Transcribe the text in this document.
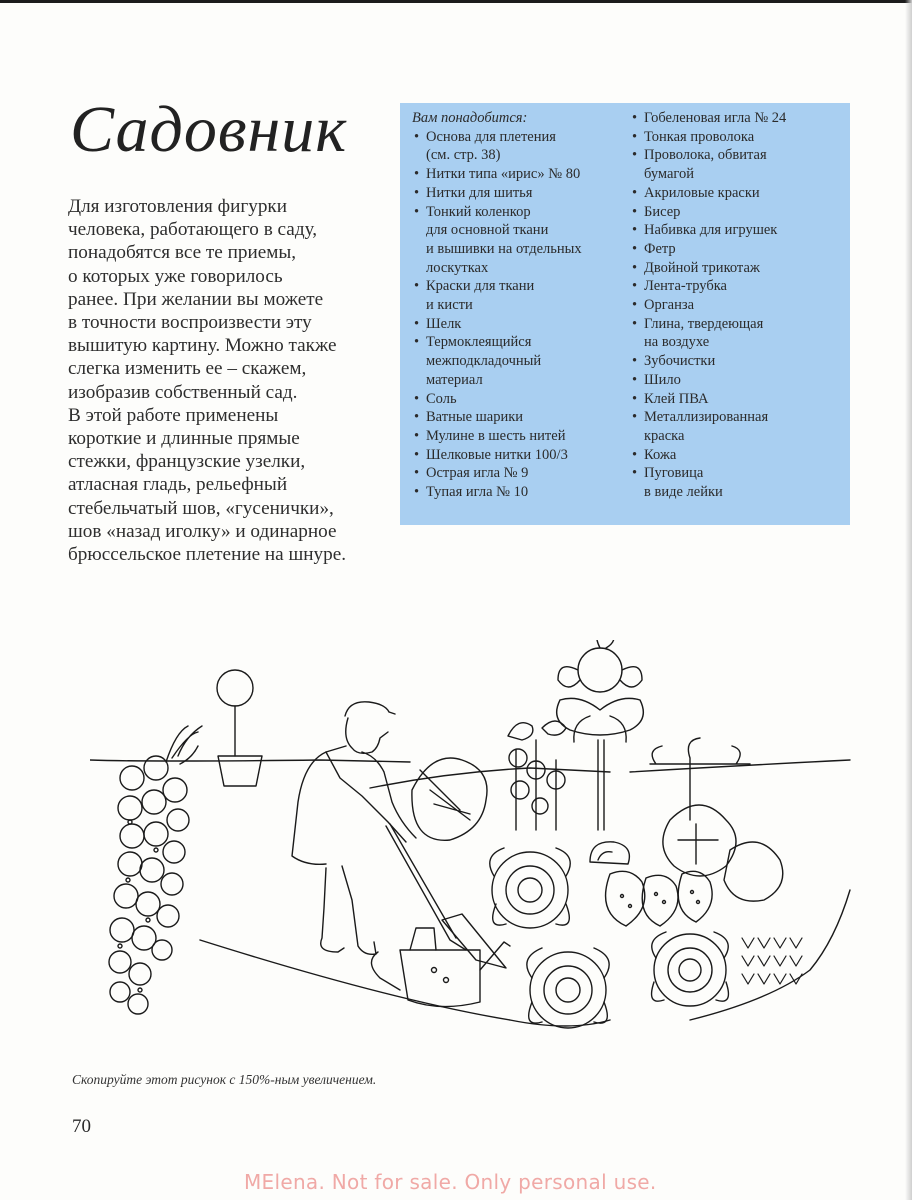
Садовник
Для изготовления фигурки
человека, работающего в саду,
понадобятся все те приемы,
о которых уже говорилось
ранее. При желании вы можете
в точности воспроизвести эту
вышитую картину. Можно также
слегка изменить ее – скажем,
изобразив собственный сад.
В этой работе применены
короткие и длинные прямые
стежки, французские узелки,
атласная гладь, рельефный
стебельчатый шов, «гусенички»,
шов «назад иголку» и одинарное
брюссельское плетение на шнуре.
Вам понадобится:
• Основа для плетения
(см. стр. 38)
• Нитки типа «ирис» № 80
• Нитки для шитья
• Тонкий коленкор
для основной ткани
и вышивки на отдельных
лоскутках
• Краски для ткани
и кисти
• Шелк
• Термоклеящийся
межподкладочный
материал
• Соль
• Ватные шарики
• Мулине в шесть нитей
• Шелковые нитки 100/3
• Острая игла № 9
• Тупая игла № 10
• Гобеленовая игла № 24
• Тонкая проволока
• Проволока, обвитая
бумагой
• Акриловые краски
• Бисер
• Набивка для игрушек
• Фетр
• Двойной трикотаж
• Лента-трубка
• Органза
• Глина, твердеющая
на воздухе
• Зубочистки
• Шило
• Клей ПВА
• Металлизированная
краска
• Кожа
• Пуговица
в виде лейки
Скопируйте этот рисунок с 150%-ным увеличением.
70
MElena. Not for sale. Only personal use.
